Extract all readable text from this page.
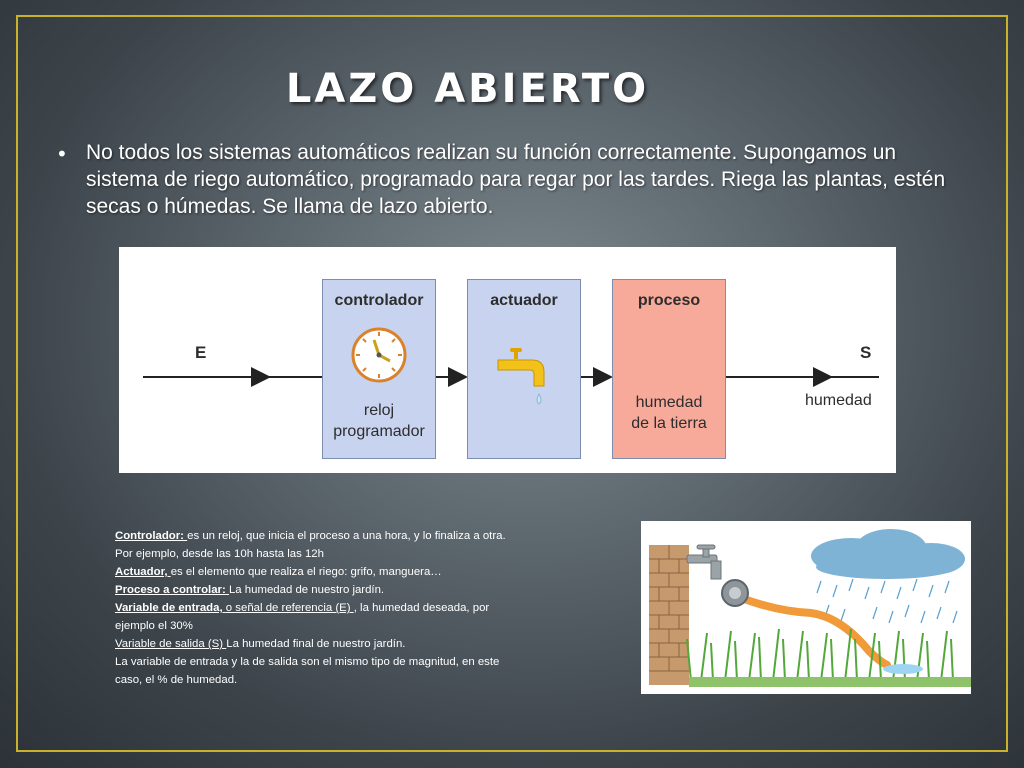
LAZO ABIERTO
• No todos los sistemas automáticos realizan su función correctamente. Supongamos un sistema de riego automático, programado para regar por las tardes. Riega las plantas, estén secas o húmedas. Se llama de lazo abierto.
E	S
humedad
controlador
reloj
programador
actuador	proceso
humedad
de la tierra

Controlador: es un reloj, que inicia el proceso a una hora, y lo finaliza a otra.

Por ejemplo, desde las 10h hasta las 12h

Actuador, es el elemento que realiza el riego: grifo, manguera…

Proceso a controlar: La humedad de nuestro jardín.

Variable de entrada, o señal de referencia (E) , la humedad deseada, por

ejemplo el 30%

Variable de salida (S) La humedad final de nuestro jardín.

La variable de entrada y la de salida son el mismo tipo de magnitud, en este

caso, el % de humedad.
